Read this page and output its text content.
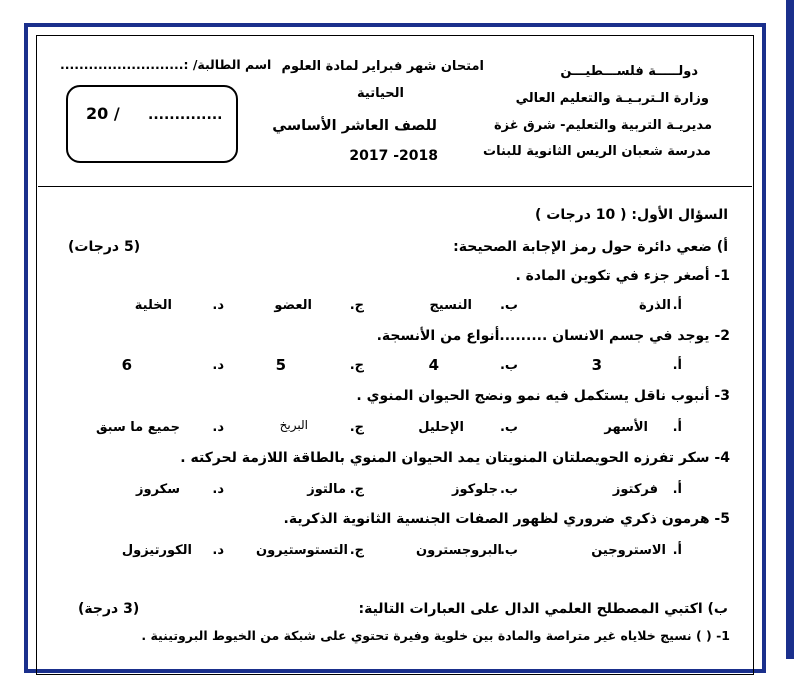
دولـــــة فلســـطيـــن
وزارة الـتربـيـة والتعليم العالي
مديريـة التربية والتعليم- شرق غزة
مدرسة شعبان الريس الثانوية للبنات
امتحان شهر فبراير لمادة العلوم
الحياتية
للصف العاشر الأساسي
2017 -2018
اسم الطالبة/ :..........................
..............
20 /
السؤال الأول: ( 10 درجات )
أ) ضعي دائرة حول رمز الإجابة الصحيحة:
(5 درجات)
1- أصغر جزء في تكوين المادة .
أ.
الذرة
ب.
النسيج
ج.
العضو
د.
الخلية
2- يوجد في جسم الانسان .........أنواع من الأنسجة.
أ.
3
ب.
4
ج.
5
د.
6
3- أنبوب ناقل يستكمل فيه نمو ونضج الحيوان المنوي .
أ.
الأسهر
ب.
الإحليل
ج.
البربخ
د.
جميع ما سبق
4- سكر تفرزه الحويصلتان المنويتان يمد الحيوان المنوي بالطاقة اللازمة لحركته .
أ.
فركتوز
ب.
جلوكوز
ج.
مالتوز
د.
سكروز
5- هرمون ذكري ضروري لظهور الصفات الجنسية الثانوية الذكرية.
أ.
الاستروجين
ب.
البروجسترون
ج.
التستوستيرون
د.
الكورتيزول
ب) اكتبي المصطلح العلمي الدال على العبارات التالية:
(3 درجة)
1- ( ) نسيج خلاياه غير متراصة والمادة بين خلوية وفيرة تحتوي على شبكة من الخيوط البروتينية .
